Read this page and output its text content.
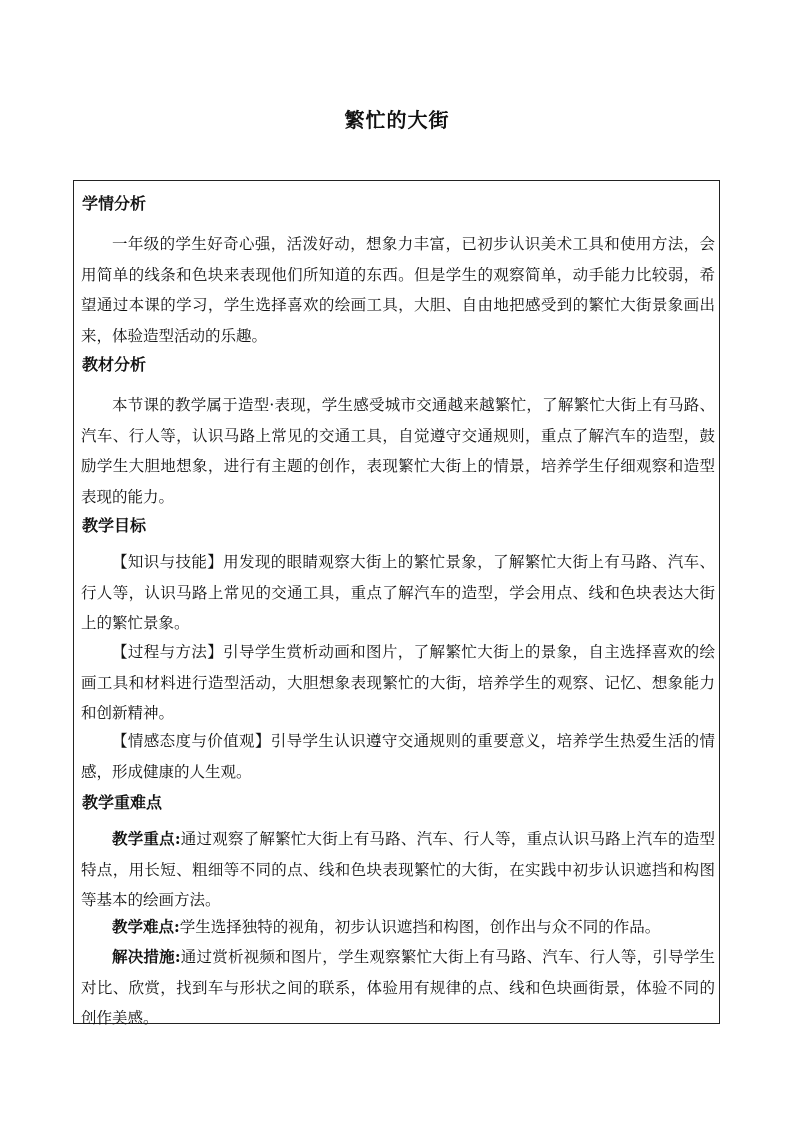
繁忙的大街
学情分析
一年级的学生好奇心强，活泼好动，想象力丰富，已初步认识美术工具和使用方法，会用简单的线条和色块来表现他们所知道的东西。但是学生的观察简单，动手能力比较弱，希望通过本课的学习，学生选择喜欢的绘画工具，大胆、自由地把感受到的繁忙大街景象画出来，体验造型活动的乐趣。
教材分析
本节课的教学属于造型·表现，学生感受城市交通越来越繁忙，了解繁忙大街上有马路、汽车、行人等，认识马路上常见的交通工具，自觉遵守交通规则，重点了解汽车的造型，鼓励学生大胆地想象，进行有主题的创作，表现繁忙大街上的情景，培养学生仔细观察和造型表现的能力。
教学目标
【知识与技能】用发现的眼睛观察大街上的繁忙景象，了解繁忙大街上有马路、汽车、行人等，认识马路上常见的交通工具，重点了解汽车的造型，学会用点、线和色块表达大街上的繁忙景象。
【过程与方法】引导学生赏析动画和图片，了解繁忙大街上的景象，自主选择喜欢的绘画工具和材料进行造型活动，大胆想象表现繁忙的大街，培养学生的观察、记忆、想象能力和创新精神。
【情感态度与价值观】引导学生认识遵守交通规则的重要意义，培养学生热爱生活的情感，形成健康的人生观。
教学重难点
教学重点:通过观察了解繁忙大街上有马路、汽车、行人等，重点认识马路上汽车的造型特点，用长短、粗细等不同的点、线和色块表现繁忙的大街，在实践中初步认识遮挡和构图等基本的绘画方法。
教学难点:学生选择独特的视角，初步认识遮挡和构图，创作出与众不同的作品。
解决措施:通过赏析视频和图片，学生观察繁忙大街上有马路、汽车、行人等，引导学生对比、欣赏，找到车与形状之间的联系，体验用有规律的点、线和色块画街景，体验不同的创作美感。
